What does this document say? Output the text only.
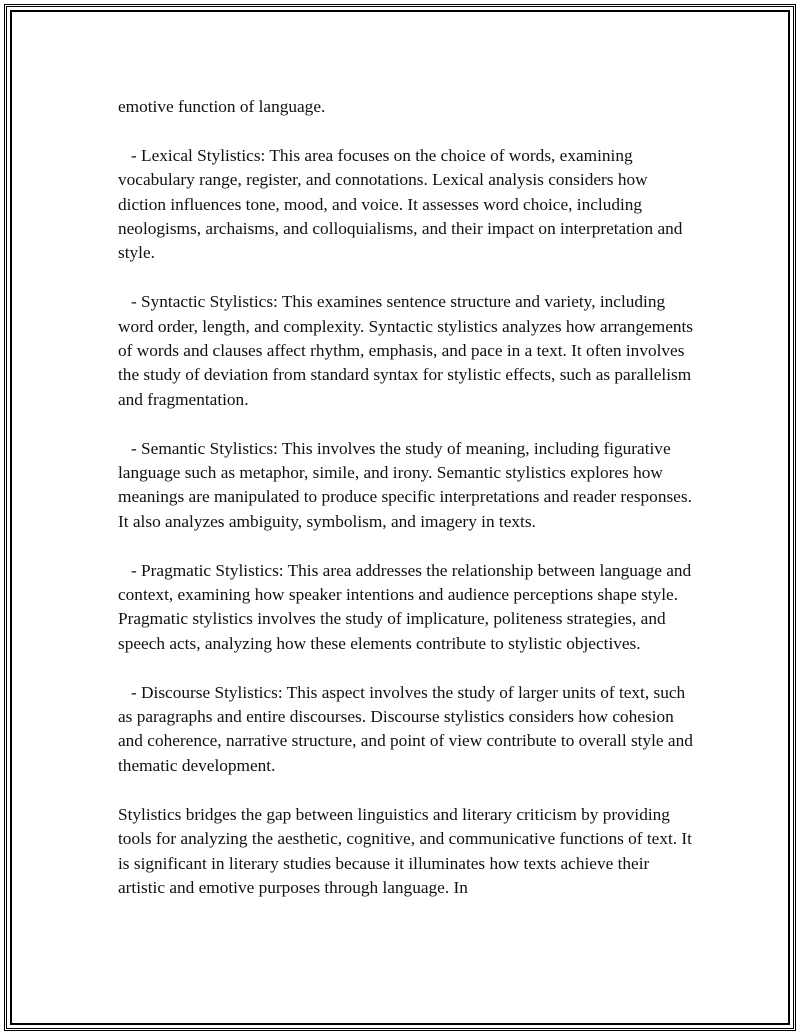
emotive function of language.

- Lexical Stylistics: This area focuses on the choice of words, examining vocabulary range, register, and connotations. Lexical analysis considers how diction influences tone, mood, and voice. It assesses word choice, including neologisms, archaisms, and colloquialisms, and their impact on interpretation and style.

- Syntactic Stylistics: This examines sentence structure and variety, including word order, length, and complexity. Syntactic stylistics analyzes how arrangements of words and clauses affect rhythm, emphasis, and pace in a text. It often involves the study of deviation from standard syntax for stylistic effects, such as parallelism and fragmentation.

- Semantic Stylistics: This involves the study of meaning, including figurative language such as metaphor, simile, and irony. Semantic stylistics explores how meanings are manipulated to produce specific interpretations and reader responses. It also analyzes ambiguity, symbolism, and imagery in texts.

- Pragmatic Stylistics: This area addresses the relationship between language and context, examining how speaker intentions and audience perceptions shape style. Pragmatic stylistics involves the study of implicature, politeness strategies, and speech acts, analyzing how these elements contribute to stylistic objectives.

- Discourse Stylistics: This aspect involves the study of larger units of text, such as paragraphs and entire discourses. Discourse stylistics considers how cohesion and coherence, narrative structure, and point of view contribute to overall style and thematic development.

Stylistics bridges the gap between linguistics and literary criticism by providing tools for analyzing the aesthetic, cognitive, and communicative functions of text. It is significant in literary studies because it illuminates how texts achieve their artistic and emotive purposes through language. In
